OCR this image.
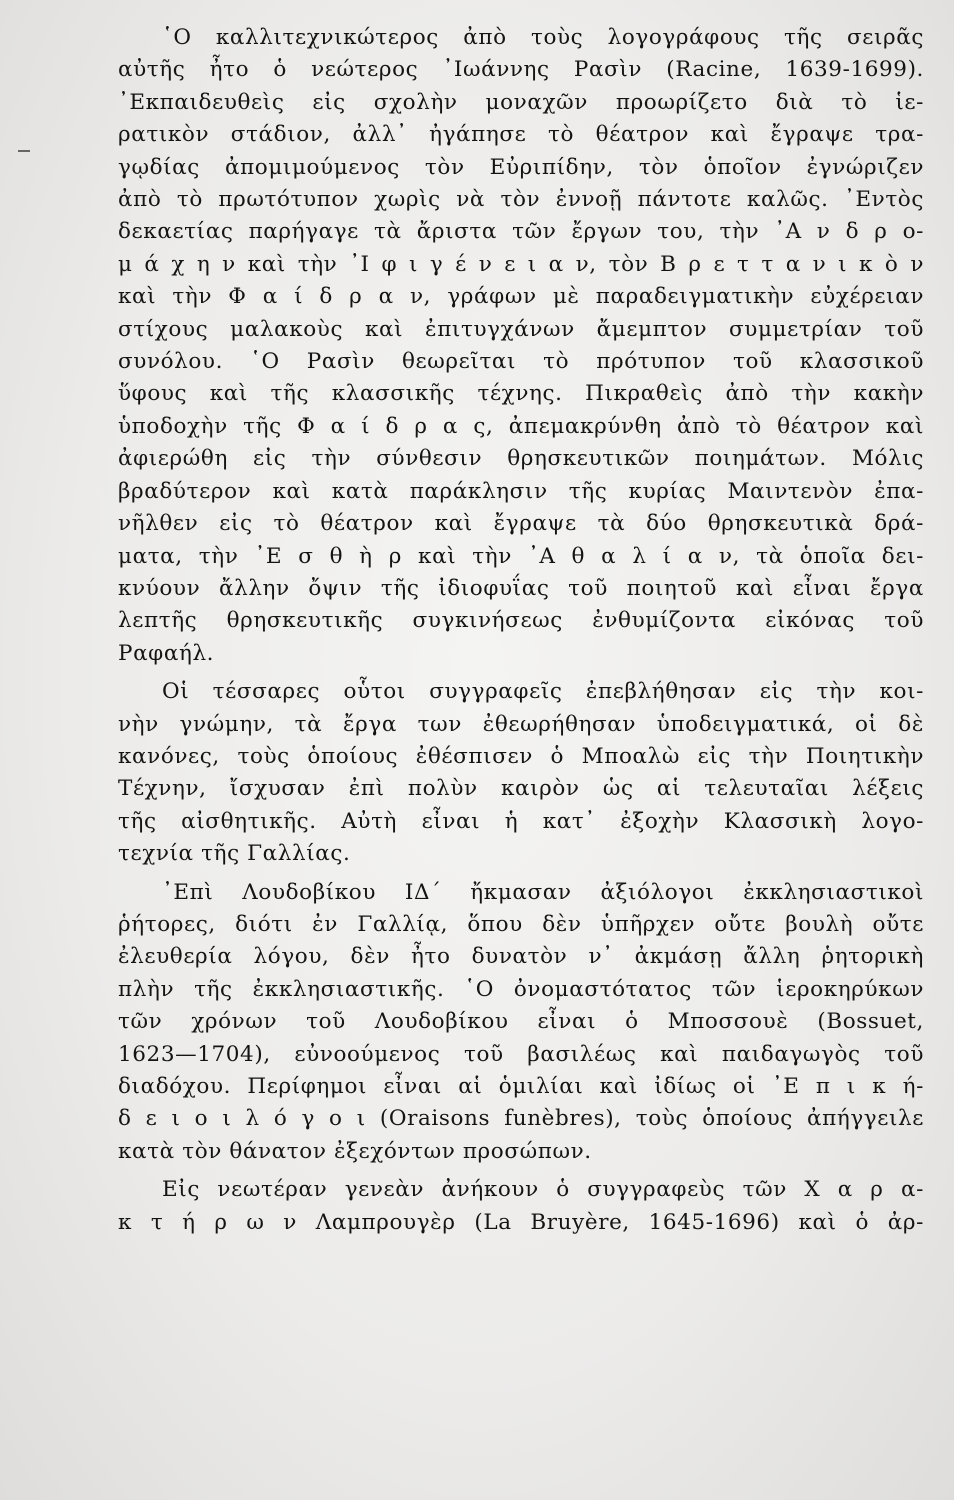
῾Ο καλλιτεχνικώτερος ἀπὸ τοὺς λογογράφους τῆς σειρᾶς
αὐτῆς ἦτο ὁ νεώτερος ᾿Ιωάννης Ρασὶν (Racine, 1639-1699).
᾿Εκπαιδευθεὶς εἰς σχολὴν μοναχῶν προωρίζετο διὰ τὸ ἱε-
ρατικὸν στάδιον, ἀλλ᾿ ἠγάπησε τὸ θέατρον καὶ ἔγραψε τρα-
γῳδίας ἀπομιμούμενος τὸν Εὐριπίδην, τὸν ὁποῖον ἐγνώριζεν
ἀπὸ τὸ πρωτότυπον χωρὶς νὰ τὸν ἐννοῇ πάντοτε καλῶς. ᾿Εντὸς
δεκαετίας παρήγαγε τὰ ἄριστα τῶν ἔργων του, τὴν ᾿Α ν δ ρ ο-
μ ά χ η ν καὶ τὴν ᾿Ι φ ι γ έ ν ε ι α ν, τὸν Β ρ ε τ τ α ν ι κ ὸ ν
καὶ τὴν Φ α ί δ ρ α ν, γράφων μὲ παραδειγματικὴν εὐχέρειαν
στίχους μαλακοὺς καὶ ἐπιτυγχάνων ἄμεμπτον συμμετρίαν τοῦ
συνόλου. ῾Ο Ρασὶν θεωρεῖται τὸ πρότυπον τοῦ κλασσικοῦ
ὕφους καὶ τῆς κλασσικῆς τέχνης. Πικραθεὶς ἀπὸ τὴν κακὴν
ὑποδοχὴν τῆς Φ α ί δ ρ α ς, ἀπεμακρύνθη ἀπὸ τὸ θέατρον καὶ
ἀφιερώθη εἰς τὴν σύνθεσιν θρησκευτικῶν ποιημάτων. Μόλις
βραδύτερον καὶ κατὰ παράκλησιν τῆς κυρίας Μαιντενὸν ἐπα-
νῆλθεν εἰς τὸ θέατρον καὶ ἔγραψε τὰ δύο θρησκευτικὰ δρά-
ματα, τὴν ᾿Ε σ θ ὴ ρ καὶ τὴν ᾿Α θ α λ ί α ν, τὰ ὁποῖα δει-
κνύουν ἄλλην ὄψιν τῆς ἰδιοφυΐας τοῦ ποιητοῦ καὶ εἶναι ἔργα
λεπτῆς θρησκευτικῆς συγκινήσεως ἐνθυμίζοντα εἰκόνας τοῦ
Ραφαήλ.
Οἱ τέσσαρες οὗτοι συγγραφεῖς ἐπεβλήθησαν εἰς τὴν κοι-
νὴν γνώμην, τὰ ἔργα των ἐθεωρήθησαν ὑποδειγματικά, οἱ δὲ
κανόνες, τοὺς ὁποίους ἐθέσπισεν ὁ Μποαλὼ εἰς τὴν Ποιητικὴν
Τέχνην, ἴσχυσαν ἐπὶ πολὺν καιρὸν ὡς αἱ τελευταῖαι λέξεις
τῆς αἰσθητικῆς. Αὐτὴ εἶναι ἡ κατ᾿ ἐξοχὴν Κλασσικὴ λογο-
τεχνία τῆς Γαλλίας.
᾿Επὶ Λουδοβίκου ΙΔ´ ἤκμασαν ἀξιόλογοι ἐκκλησιαστικοὶ
ῥήτορες, διότι ἐν Γαλλίᾳ, ὅπου δὲν ὑπῆρχεν οὔτε βουλὴ οὔτε
ἐλευθερία λόγου, δὲν ἦτο δυνατὸν ν᾿ ἀκμάσῃ ἄλλη ῥητορικὴ
πλὴν τῆς ἐκκλησιαστικῆς. ῾Ο ὀνομαστότατος τῶν ἱεροκηρύκων
τῶν χρόνων τοῦ Λουδοβίκου εἶναι ὁ Μποσσουὲ (Bossuet,
1623—1704), εὐνοούμενος τοῦ βασιλέως καὶ παιδαγωγὸς τοῦ
διαδόχου. Περίφημοι εἶναι αἱ ὁμιλίαι καὶ ἰδίως οἱ ᾿Ε π ι κ ή-
δ ε ι ο ι λ ό γ ο ι (Oraisons funèbres), τοὺς ὁποίους ἀπήγγειλε
κατὰ τὸν θάνατον ἐξεχόντων προσώπων.
Εἰς νεωτέραν γενεὰν ἀνήκουν ὁ συγγραφεὺς τῶν Χ α ρ α-
κ τ ή ρ ω ν Λαμπρουγὲρ (La Bruyère, 1645-1696) καὶ ὁ ἀρ-
